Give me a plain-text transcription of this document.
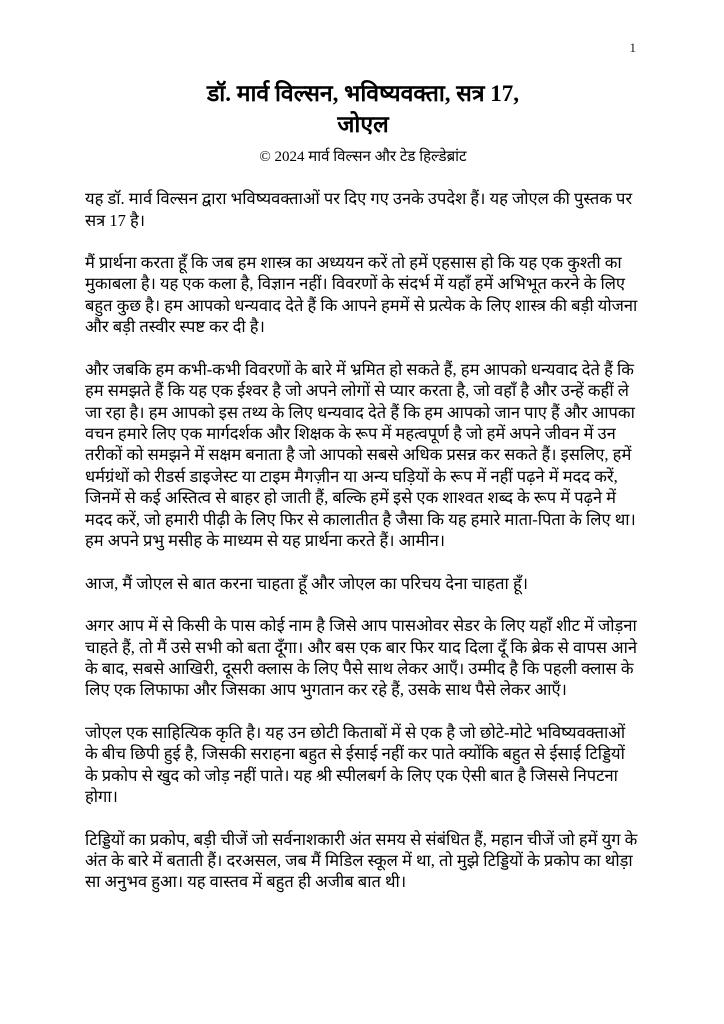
1
डॉ. मार्व विल्सन, भविष्यवक्ता, सत्र 17,
जोएल
© 2024 मार्व विल्सन और टेड हिल्डेब्रांट

यह डॉ. मार्व विल्सन द्वारा भविष्यवक्ताओं पर दिए गए उनके उपदेश हैं। यह जोएल की पुस्तक पर सत्र 17 है।

मैं प्रार्थना करता हूँ कि जब हम शास्त्र का अध्ययन करें तो हमें एहसास हो कि यह एक कुश्ती का मुकाबला है। यह एक कला है, विज्ञान नहीं। विवरणों के संदर्भ में यहाँ हमें अभिभूत करने के लिए बहुत कुछ है। हम आपको धन्यवाद देते हैं कि आपने हममें से प्रत्येक के लिए शास्त्र की बड़ी योजना और बड़ी तस्वीर स्पष्ट कर दी है।

और जबकि हम कभी-कभी विवरणों के बारे में भ्रमित हो सकते हैं, हम आपको धन्यवाद देते हैं कि हम समझते हैं कि यह एक ईश्वर है जो अपने लोगों से प्यार करता है, जो वहाँ है और उन्हें कहीं ले जा रहा है। हम आपको इस तथ्य के लिए धन्यवाद देते हैं कि हम आपको जान पाए हैं और आपका वचन हमारे लिए एक मार्गदर्शक और शिक्षक के रूप में महत्वपूर्ण है जो हमें अपने जीवन में उन तरीकों को समझने में सक्षम बनाता है जो आपको सबसे अधिक प्रसन्न कर सकते हैं। इसलिए, हमें धर्मग्रंथों को रीडर्स डाइजेस्ट या टाइम मैगज़ीन या अन्य घड़ियों के रूप में नहीं पढ़ने में मदद करें, जिनमें से कई अस्तित्व से बाहर हो जाती हैं, बल्कि हमें इसे एक शाश्वत शब्द के रूप में पढ़ने में मदद करें, जो हमारी पीढ़ी के लिए फिर से कालातीत है जैसा कि यह हमारे माता-पिता के लिए था। हम अपने प्रभु मसीह के माध्यम से यह प्रार्थना करते हैं। आमीन।

आज, मैं जोएल से बात करना चाहता हूँ और जोएल का परिचय देना चाहता हूँ।

अगर आप में से किसी के पास कोई नाम है जिसे आप पासओवर सेडर के लिए यहाँ शीट में जोड़ना चाहते हैं, तो मैं उसे सभी को बता दूँगा। और बस एक बार फिर याद दिला दूँ कि ब्रेक से वापस आने के बाद, सबसे आखिरी, दूसरी क्लास के लिए पैसे साथ लेकर आएँ। उम्मीद है कि पहली क्लास के लिए एक लिफाफा और जिसका आप भुगतान कर रहे हैं, उसके साथ पैसे लेकर आएँ।

जोएल एक साहित्यिक कृति है। यह उन छोटी किताबों में से एक है जो छोटे-मोटे भविष्यवक्ताओं के बीच छिपी हुई है, जिसकी सराहना बहुत से ईसाई नहीं कर पाते क्योंकि बहुत से ईसाई टिड्डियों के प्रकोप से खुद को जोड़ नहीं पाते। यह श्री स्पीलबर्ग के लिए एक ऐसी बात है जिससे निपटना होगा।

टिड्डियों का प्रकोप, बड़ी चीजें जो सर्वनाशकारी अंत समय से संबंधित हैं, महान चीजें जो हमें युग के अंत के बारे में बताती हैं। दरअसल, जब मैं मिडिल स्कूल में था, तो मुझे टिड्डियों के प्रकोप का थोड़ा सा अनुभव हुआ। यह वास्तव में बहुत ही अजीब बात थी।
